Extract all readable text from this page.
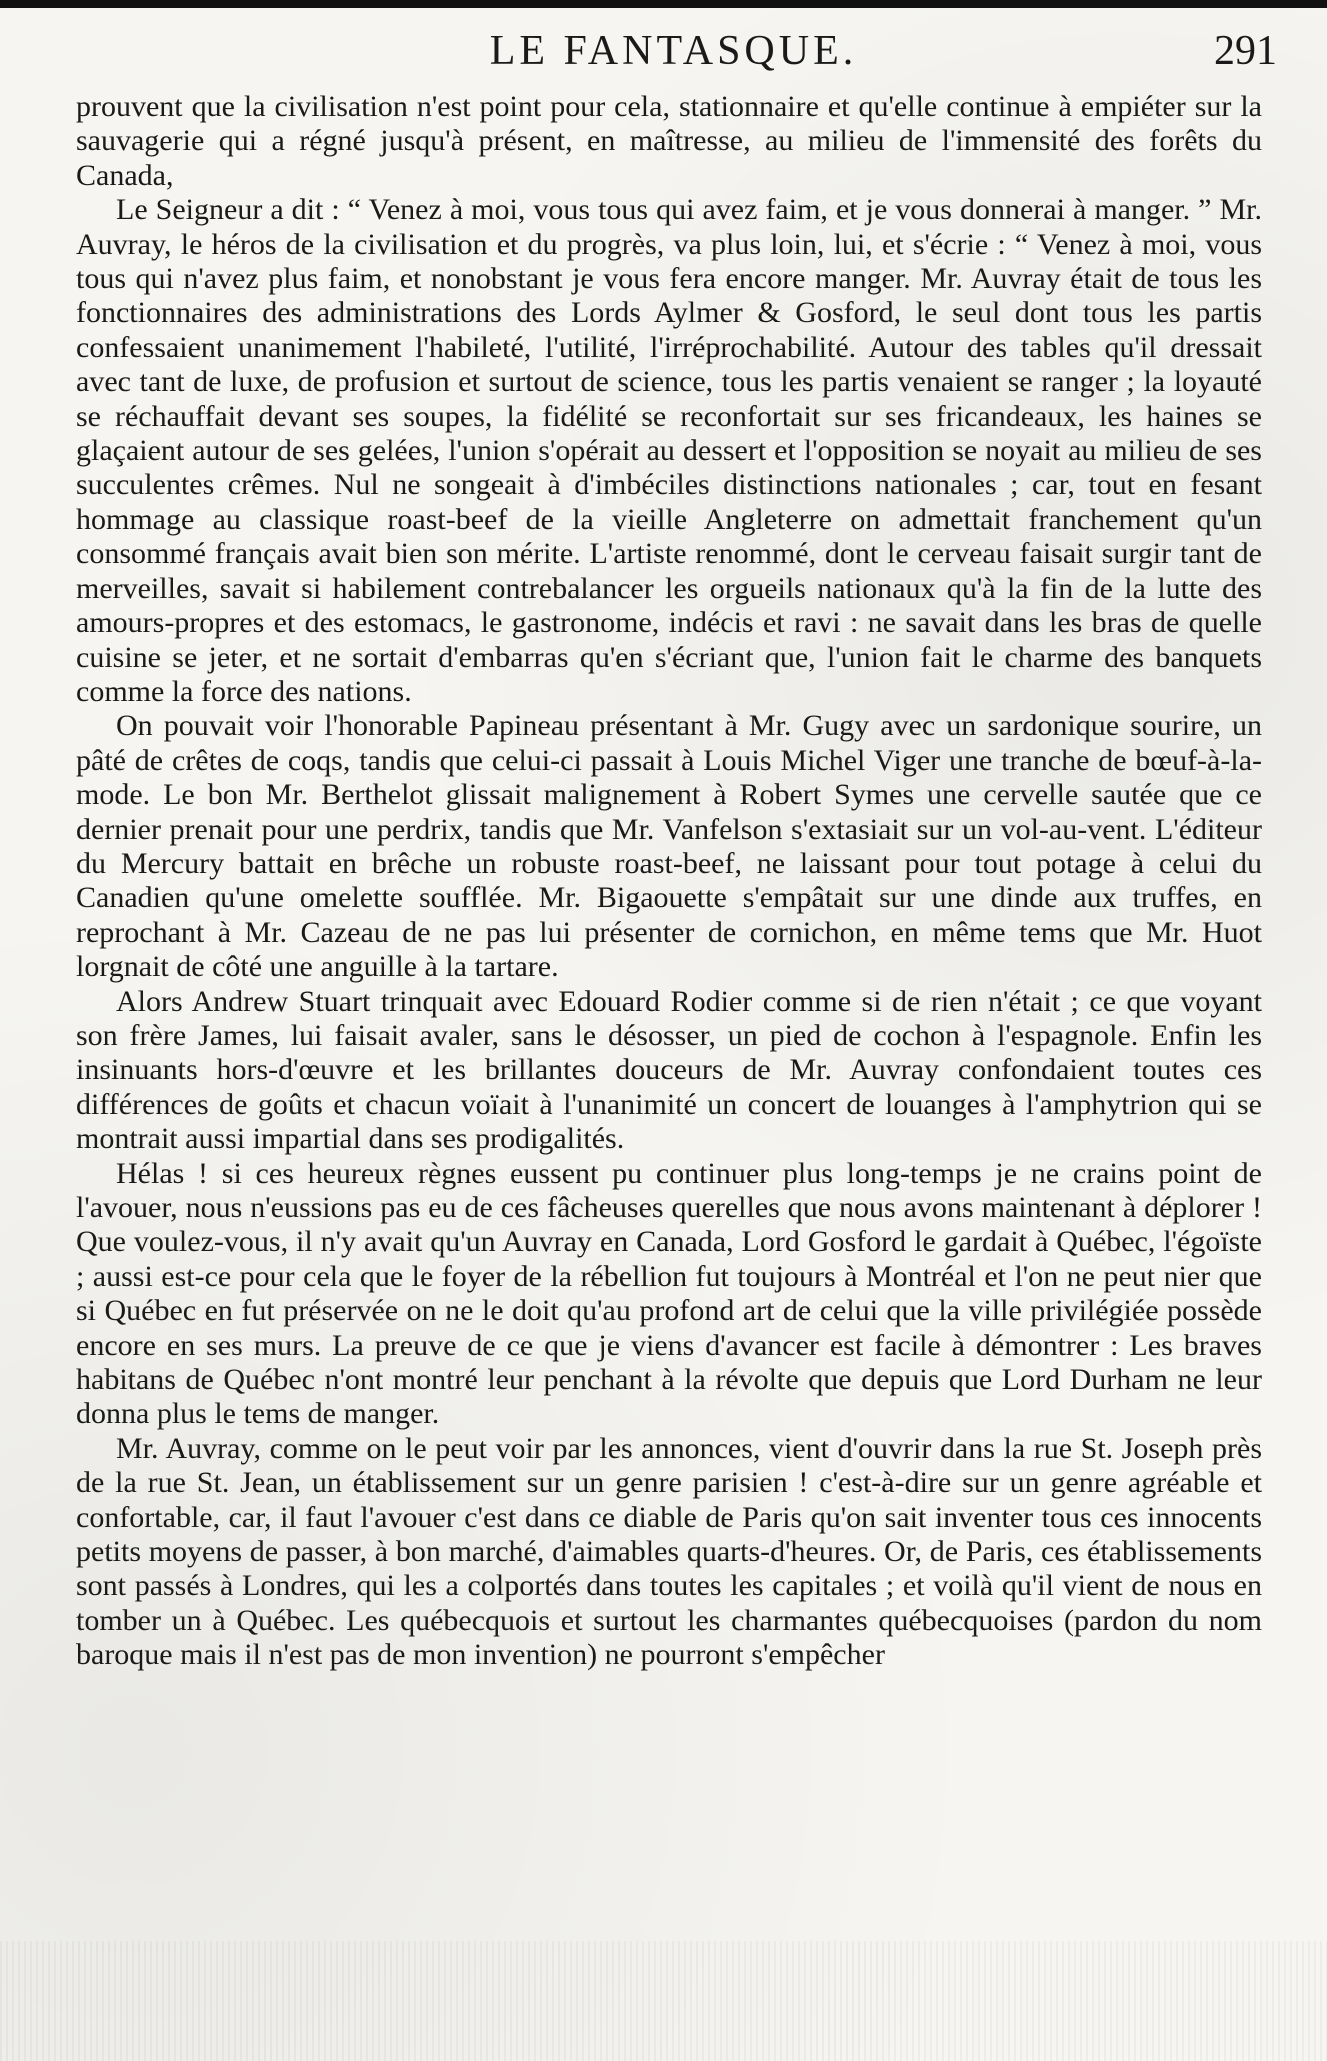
LE FANTASQUE.	291

prouvent que la civilisation n'est point pour cela, stationnaire et qu'elle continue à empiéter sur la sauvagerie qui a régné jusqu'à présent, en maîtresse, au milieu de l'immensité des forêts du Canada,

Le Seigneur a dit : “ Venez à moi, vous tous qui avez faim, et je vous donnerai à manger. ” Mr. Auvray, le héros de la civilisation et du progrès, va plus loin, lui, et s'écrie : “ Venez à moi, vous tous qui n'avez plus faim, et nonobstant je vous fera encore manger. Mr. Auvray était de tous les fonctionnaires des administrations des Lords Aylmer & Gosford, le seul dont tous les partis confessaient unanimement l'habileté, l'utilité, l'irréprochabilité. Autour des tables qu'il dressait avec tant de luxe, de profusion et surtout de science, tous les partis venaient se ranger ; la loyauté se réchauffait devant ses soupes, la fidélité se reconfortait sur ses fricandeaux, les haines se glaçaient autour de ses gelées, l'union s'opérait au dessert et l'opposition se noyait au milieu de ses succulentes crêmes. Nul ne songeait à d'imbéciles distinctions nationales ; car, tout en fesant hommage au classique roast-beef de la vieille Angleterre on admettait franchement qu'un consommé français avait bien son mérite. L'artiste renommé, dont le cerveau faisait surgir tant de merveilles, savait si habilement contrebalancer les orgueils nationaux qu'à la fin de la lutte des amours-propres et des estomacs, le gastronome, indécis et ravi : ne savait dans les bras de quelle cuisine se jeter, et ne sortait d'embarras qu'en s'écriant que, l'union fait le charme des banquets comme la force des nations.

On pouvait voir l'honorable Papineau présentant à Mr. Gugy avec un sardonique sourire, un pâté de crêtes de coqs, tandis que celui-ci passait à Louis Michel Viger une tranche de bœuf-à-la-mode. Le bon Mr. Berthelot glissait malignement à Robert Symes une cervelle sautée que ce dernier prenait pour une perdrix, tandis que Mr. Vanfelson s'extasiait sur un vol-au-vent. L'éditeur du Mercury battait en brêche un robuste roast-beef, ne laissant pour tout potage à celui du Canadien qu'une omelette soufflée. Mr. Bigaouette s'empâtait sur une dinde aux truffes, en reprochant à Mr. Cazeau de ne pas lui présenter de cornichon, en même tems que Mr. Huot lorgnait de côté une anguille à la tartare.

Alors Andrew Stuart trinquait avec Edouard Rodier comme si de rien n'était ; ce que voyant son frère James, lui faisait avaler, sans le désosser, un pied de cochon à l'espagnole. Enfin les insinuants hors-d'œuvre et les brillantes douceurs de Mr. Auvray confondaient toutes ces différences de goûts et chacun voïait à l'unanimité un concert de louanges à l'amphytrion qui se montrait aussi impartial dans ses prodigalités.

Hélas ! si ces heureux règnes eussent pu continuer plus long-temps je ne crains point de l'avouer, nous n'eussions pas eu de ces fâcheuses querelles que nous avons maintenant à déplorer ! Que voulez-vous, il n'y avait qu'un Auvray en Canada, Lord Gosford le gardait à Québec, l'égoïste ; aussi est-ce pour cela que le foyer de la rébellion fut toujours à Montréal et l'on ne peut nier que si Québec en fut préservée on ne le doit qu'au profond art de celui que la ville privilégiée possède encore en ses murs. La preuve de ce que je viens d'avancer est facile à démontrer : Les braves habitans de Québec n'ont montré leur penchant à la révolte que depuis que Lord Durham ne leur donna plus le tems de manger.

Mr. Auvray, comme on le peut voir par les annonces, vient d'ouvrir dans la rue St. Joseph près de la rue St. Jean, un établissement sur un genre parisien ! c'est-à-dire sur un genre agréable et confortable, car, il faut l'avouer c'est dans ce diable de Paris qu'on sait inventer tous ces innocents petits moyens de passer, à bon marché, d'aimables quarts-d'heures. Or, de Paris, ces établissements sont passés à Londres, qui les a colportés dans toutes les capitales ; et voilà qu'il vient de nous en tomber un à Québec. Les québecquois et surtout les charmantes québecquoises (pardon du nom baroque mais il n'est pas de mon invention) ne pourront s'empêcher
